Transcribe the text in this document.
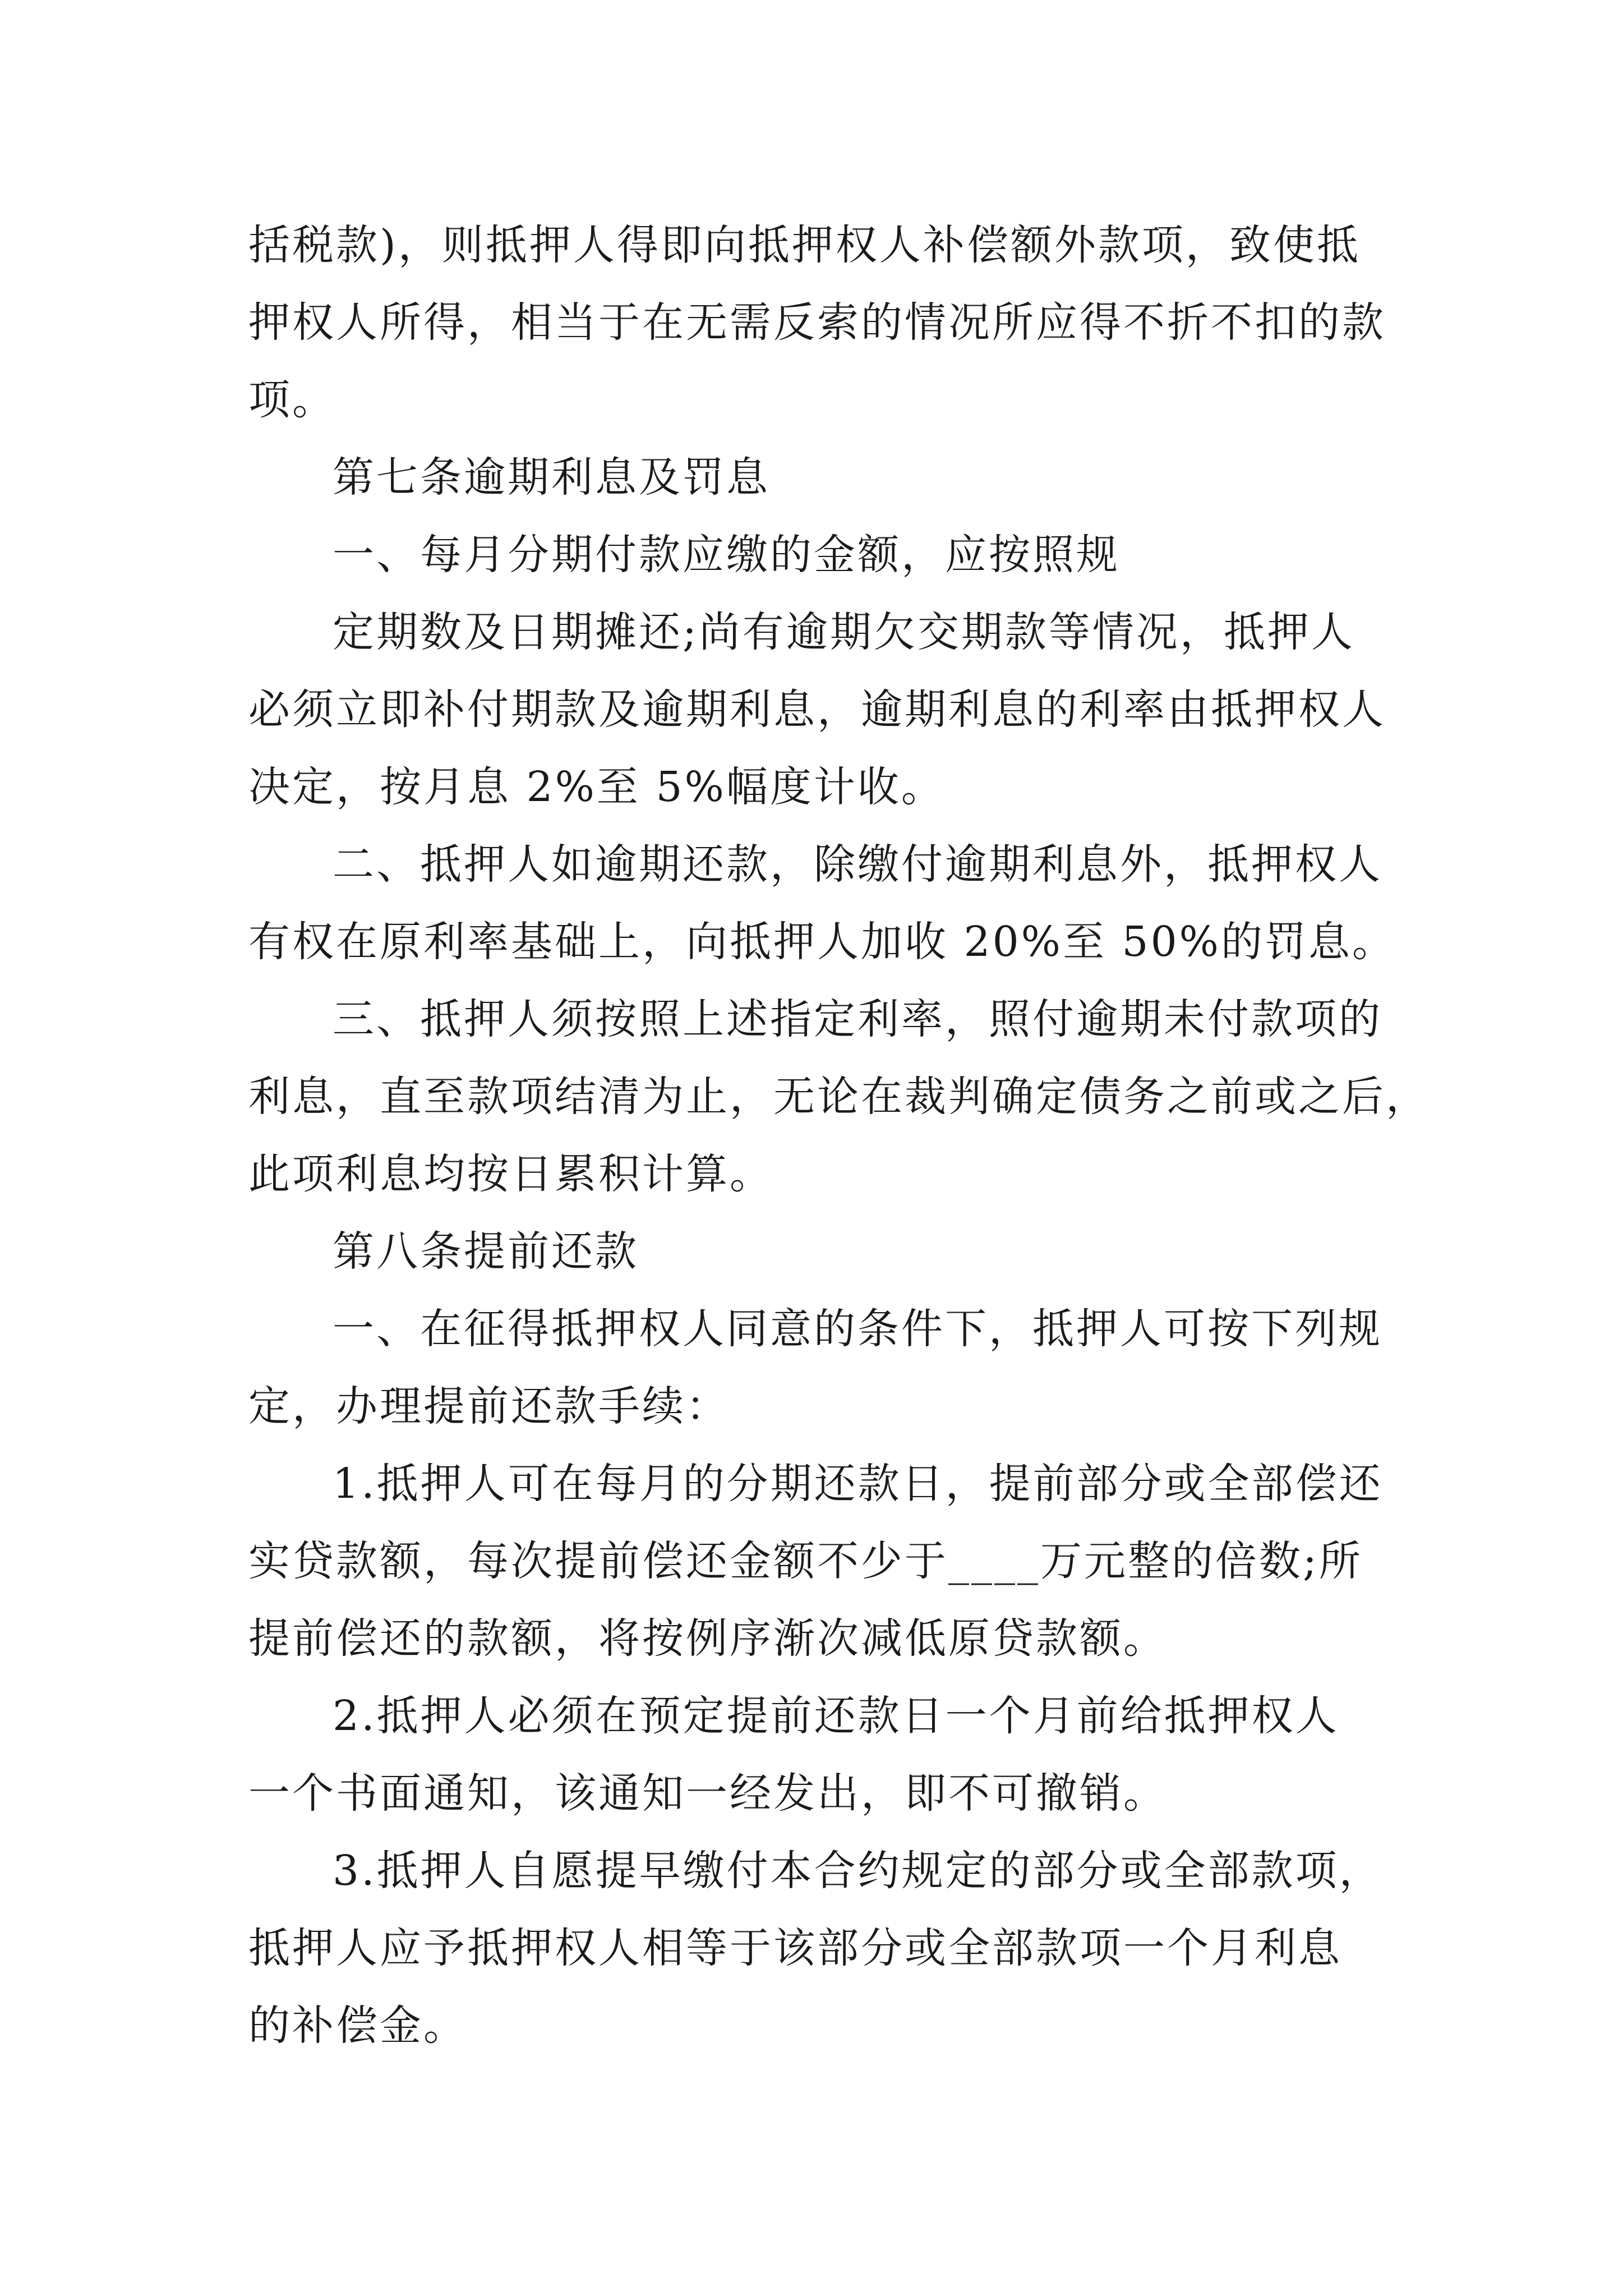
括税款)，则抵押人得即向抵押权人补偿额外款项，致使抵
押权人所得，相当于在无需反索的情况所应得不折不扣的款
项。
第七条逾期利息及罚息
一、每月分期付款应缴的金额，应按照规
定期数及日期摊还;尚有逾期欠交期款等情况，抵押人
必须立即补付期款及逾期利息，逾期利息的利率由抵押权人
决定，按月息 2%至 5%幅度计收。
二、抵押人如逾期还款，除缴付逾期利息外，抵押权人
有权在原利率基础上，向抵押人加收 20%至 50%的罚息。
三、抵押人须按照上述指定利率，照付逾期未付款项的
利息，直至款项结清为止，无论在裁判确定债务之前或之后，
此项利息均按日累积计算。
第八条提前还款
一、在征得抵押权人同意的条件下，抵押人可按下列规
定，办理提前还款手续：
1.抵押人可在每月的分期还款日，提前部分或全部偿还
实贷款额，每次提前偿还金额不少于____万元整的倍数;所
提前偿还的款额，将按例序渐次减低原贷款额。
2.抵押人必须在预定提前还款日一个月前给抵押权人
一个书面通知，该通知一经发出，即不可撤销。
3.抵押人自愿提早缴付本合约规定的部分或全部款项，
抵押人应予抵押权人相等于该部分或全部款项一个月利息
的补偿金。
